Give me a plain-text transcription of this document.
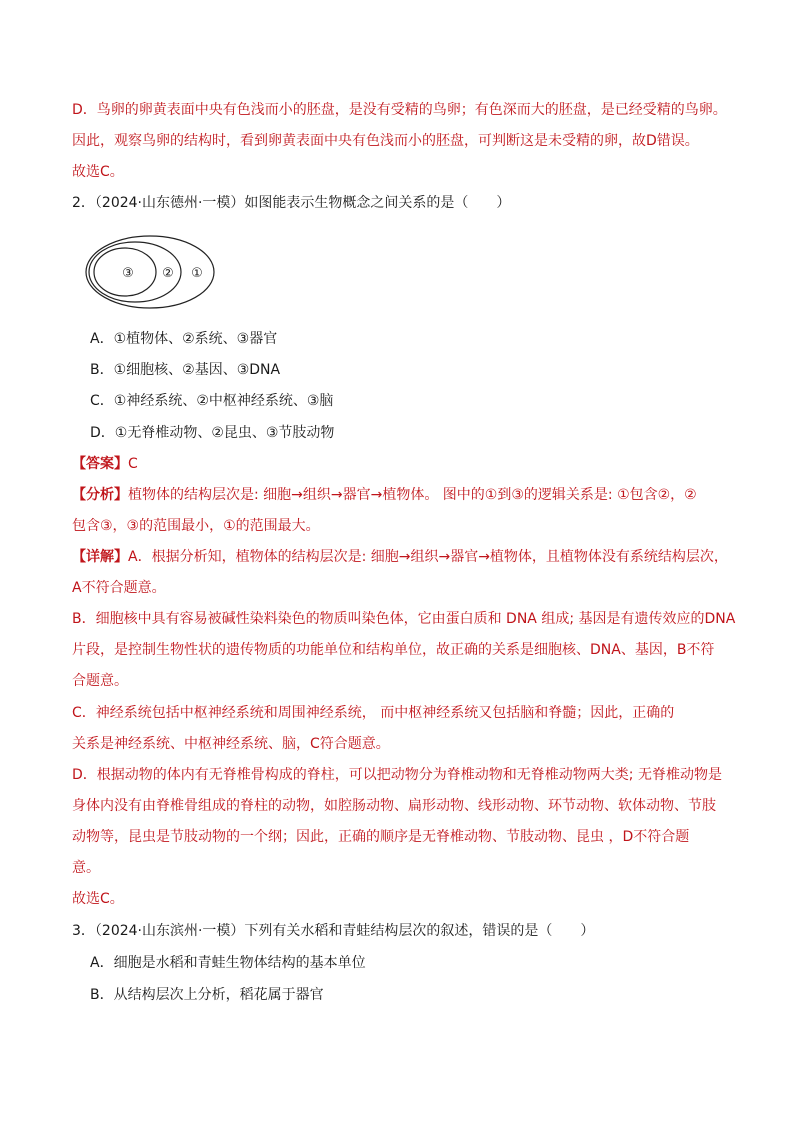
D．鸟卵的卵黄表面中央有色浅而小的胚盘，是没有受精的鸟卵；有色深而大的胚盘，是已经受精的鸟卵。
因此，观察鸟卵的结构时，看到卵黄表面中央有色浅而小的胚盘，可判断这是未受精的卵，故D错误。
故选C。
2．（2024·山东德州·一模）如图能表示生物概念之间关系的是（　　）
③ ② ①
A．①植物体、②系统、③器官
B．①细胞核、②基因、③DNA
C．①神经系统、②中枢神经系统、③脑
D．①无脊椎动物、②昆虫、③节肢动物
【答案】C
【分析】植物体的结构层次是: 细胞→组织→器官→植物体。 图中的①到③的逻辑关系是: ①包含②，②
包含③，③的范围最小，①的范围最大。
【详解】A．根据分析知，植物体的结构层次是: 细胞→组织→器官→植物体，且植物体没有系统结构层次，
A不符合题意。
B．细胞核中具有容易被碱性染料染色的物质叫染色体，它由蛋白质和 DNA 组成; 基因是有遗传效应的DNA
片段，是控制生物性状的遗传物质的功能单位和结构单位，故正确的关系是细胞核、DNA、基因，B不符
合题意。
C．神经系统包括中枢神经系统和周围神经系统， 而中枢神经系统又包括脑和脊髓；因此，正确的
关系是神经系统、中枢神经系统、脑，C符合题意。
D．根据动物的体内有无脊椎骨构成的脊柱，可以把动物分为脊椎动物和无脊椎动物两大类; 无脊椎动物是
身体内没有由脊椎骨组成的脊柱的动物，如腔肠动物、扁形动物、线形动物、环节动物、软体动物、节肢
动物等，昆虫是节肢动物的一个纲；因此，正确的顺序是无脊椎动物、节肢动物、昆虫 ，D不符合题
意。
故选C。
3．（2024·山东滨州·一模）下列有关水稻和青蛙结构层次的叙述，错误的是（　　）
A．细胞是水稻和青蛙生物体结构的基本单位
B．从结构层次上分析，稻花属于器官
